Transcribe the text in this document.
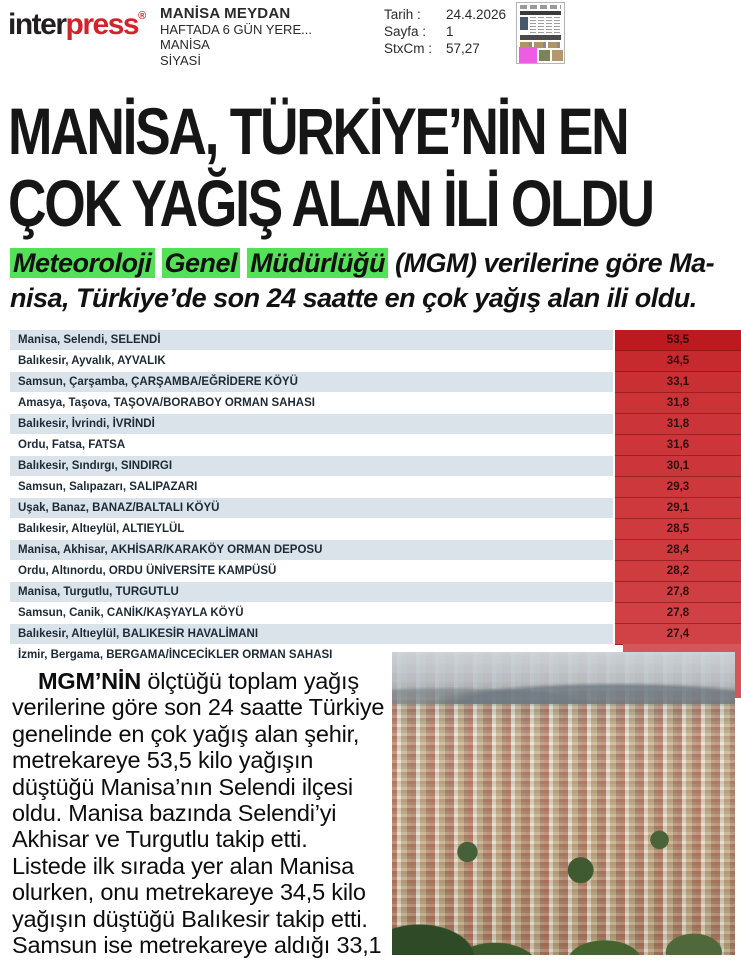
interpress® MANİSA MEYDAN
HAFTADA 6 GÜN YERE...
MANİSA
SİYASİ
Tarih :	24.4.2026
Sayfa :	1
StxCm :	57,27
MANİSA, TÜRKİYE’NİN EN
ÇOK YAĞIŞ ALAN İLİ OLDU
Meteoroloji Genel Müdürlüğü (MGM) verilerine göre Ma-
nisa, Türkiye’de son 24 saatte en çok yağış alan ili oldu.
Manisa, Selendi, SELENDİ	53,5
Balıkesir, Ayvalık, AYVALIK	34,5
Samsun, Çarşamba, ÇARŞAMBA/EĞRİDERE KÖYÜ	33,1
Amasya, Taşova, TAŞOVA/BORABOY ORMAN SAHASI	31,8
Balıkesir, İvrindi, İVRİNDİ	31,8
Ordu, Fatsa, FATSA	31,6
Balıkesir, Sındırgı, SINDIRGI	30,1
Samsun, Salıpazarı, SALIPAZARI	29,3
Uşak, Banaz, BANAZ/BALTALI KÖYÜ	29,1
Balıkesir, Altıeylül, ALTIEYLÜL	28,5
Manisa, Akhisar, AKHİSAR/KARAKÖY ORMAN DEPOSU	28,4
Ordu, Altınordu, ORDU ÜNİVERSİTE KAMPÜSÜ	28,2
Manisa, Turgutlu, TURGUTLU	27,8
Samsun, Canik, CANİK/KAŞYAYLA KÖYÜ	27,8
Balıkesir, Altıeylül, BALIKESİR HAVALİMANI	27,4
İzmir, Bergama, BERGAMA/İNCECİKLER ORMAN SAHASI
MGM’NİN ölçtüğü toplam yağış
verilerine göre son 24 saatte Türkiye
genelinde en çok yağış alan şehir,
metrekareye 53,5 kilo yağışın
düştüğü Manisa’nın Selendi ilçesi
oldu. Manisa bazında Selendi’yi
Akhisar ve Turgutlu takip etti.
Listede ilk sırada yer alan Manisa
olurken, onu metrekareye 34,5 kilo
yağışın düştüğü Balıkesir takip etti.
Samsun ise metrekareye aldığı 33,1
